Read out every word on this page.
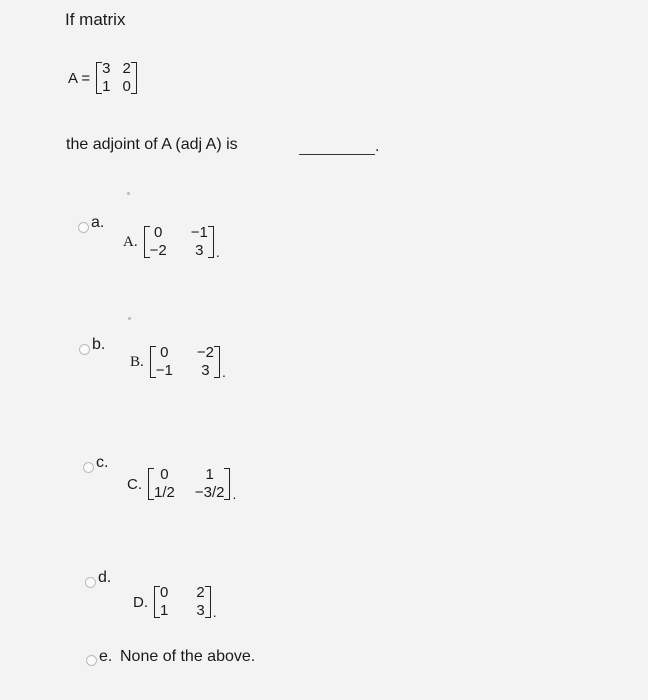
If matrix
A =
3
1
2
0
the adjoint of A (adj A) is	.
a.
A.
0
−2
−1
3 .
b.
B.
0
−1
−2
3 .
c.
C.
0
1/2
1
−3/2 .
d.
D.
0
1
2
3 .
e. None of the above.
